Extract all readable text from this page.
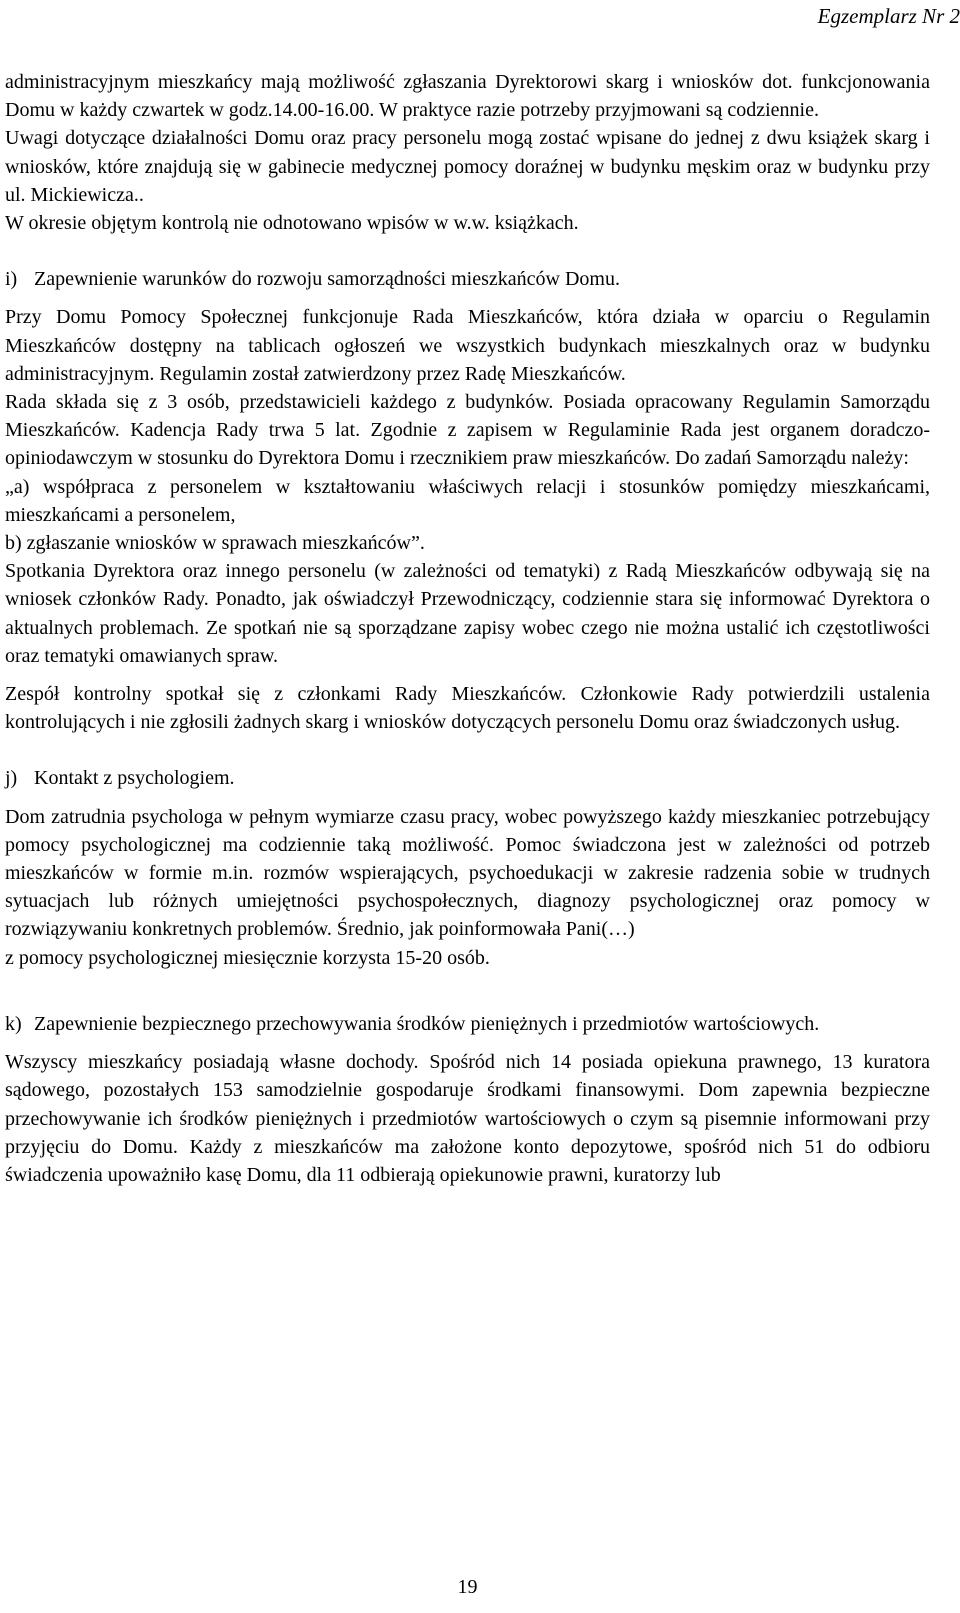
Egzemplarz Nr 2

administracyjnym mieszkańcy mają możliwość zgłaszania Dyrektorowi skarg i wniosków dot. funkcjonowania Domu w każdy czwartek w godz.14.00-16.00. W praktyce razie potrzeby przyjmowani są codziennie.

Uwagi dotyczące działalności Domu oraz pracy personelu mogą zostać wpisane do jednej z dwu książek skarg i wniosków, które znajdują się w gabinecie medycznej pomocy doraźnej w budynku męskim oraz w budynku przy ul. Mickiewicza..

W okresie objętym kontrolą nie odnotowano wpisów w w.w. książkach.

i) Zapewnienie warunków do rozwoju samorządności mieszkańców Domu.

Przy Domu Pomocy Społecznej funkcjonuje Rada Mieszkańców, która działa w oparciu o Regulamin Mieszkańców dostępny na tablicach ogłoszeń we wszystkich budynkach mieszkalnych oraz w budynku administracyjnym. Regulamin został zatwierdzony przez Radę Mieszkańców.

Rada składa się z 3 osób, przedstawicieli każdego z budynków. Posiada opracowany Regulamin Samorządu Mieszkańców. Kadencja Rady trwa 5 lat. Zgodnie z zapisem w Regulaminie Rada jest organem doradczo-opiniodawczym w stosunku do Dyrektora Domu i rzecznikiem praw mieszkańców. Do zadań Samorządu należy:

„a) współpraca z personelem w kształtowaniu właściwych relacji i stosunków pomiędzy mieszkańcami, mieszkańcami a personelem,

b) zgłaszanie wniosków w sprawach mieszkańców”.

Spotkania Dyrektora oraz innego personelu (w zależności od tematyki) z Radą Mieszkańców odbywają się na wniosek członków Rady. Ponadto, jak oświadczył Przewodniczący, codziennie stara się informować Dyrektora o aktualnych problemach. Ze spotkań nie są sporządzane zapisy wobec czego nie można ustalić ich częstotliwości oraz tematyki omawianych spraw.

Zespół kontrolny spotkał się z członkami Rady Mieszkańców. Członkowie Rady potwierdzili ustalenia kontrolujących i nie zgłosili żadnych skarg i wniosków dotyczących personelu Domu oraz świadczonych usług.

j) Kontakt z psychologiem.

Dom zatrudnia psychologa w pełnym wymiarze czasu pracy, wobec powyższego każdy mieszkaniec potrzebujący pomocy psychologicznej ma codziennie taką możliwość. Pomoc świadczona jest w zależności od potrzeb mieszkańców w formie m.in. rozmów wspierających, psychoedukacji w zakresie radzenia sobie w trudnych sytuacjach lub różnych umiejętności psychospołecznych, diagnozy psychologicznej oraz pomocy w rozwiązywaniu konkretnych problemów. Średnio, jak poinformowała Pani(…)

z pomocy psychologicznej miesięcznie korzysta 15-20 osób.

k) Zapewnienie bezpiecznego przechowywania środków pieniężnych i przedmiotów wartościowych.

Wszyscy mieszkańcy posiadają własne dochody. Spośród nich 14 posiada opiekuna prawnego, 13 kuratora sądowego, pozostałych 153 samodzielnie gospodaruje środkami finansowymi. Dom zapewnia bezpieczne przechowywanie ich środków pieniężnych i przedmiotów wartościowych o czym są pisemnie informowani przy przyjęciu do Domu. Każdy z mieszkańców ma założone konto depozytowe, spośród nich 51 do odbioru świadczenia upoważniło kasę Domu, dla 11 odbierają opiekunowie prawni, kuratorzy lub

19
